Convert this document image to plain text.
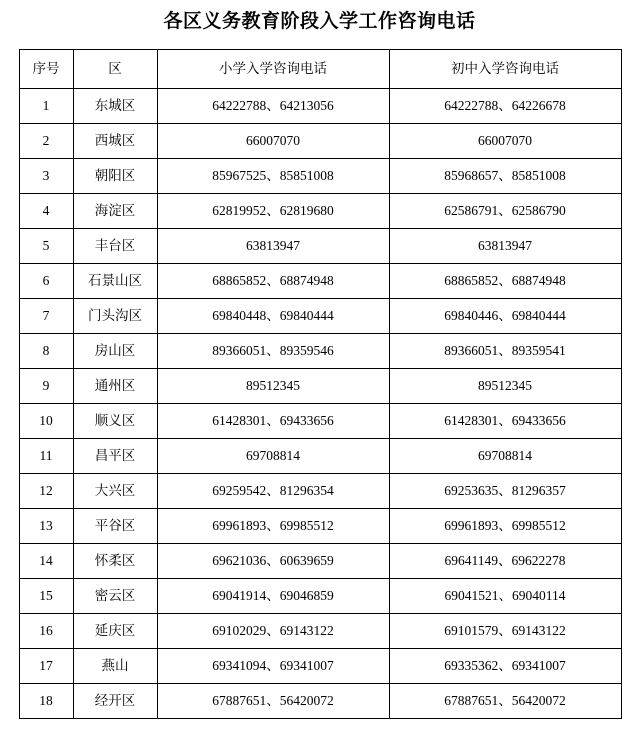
各区义务教育阶段入学工作咨询电话
序号	区	小学入学咨询电话	初中入学咨询电话
1	东城区	64222788、64213056	64222788、64226678
2	西城区	66007070	66007070
3	朝阳区	85967525、85851008	85968657、85851008
4	海淀区	62819952、62819680	62586791、62586790
5	丰台区	63813947	63813947
6	石景山区	68865852、68874948	68865852、68874948
7	门头沟区	69840448、69840444	69840446、69840444
8	房山区	89366051、89359546	89366051、89359541
9	通州区	89512345	89512345
10	顺义区	61428301、69433656	61428301、69433656
11	昌平区	69708814	69708814
12	大兴区	69259542、81296354	69253635、81296357
13	平谷区	69961893、69985512	69961893、69985512
14	怀柔区	69621036、60639659	69641149、69622278
15	密云区	69041914、69046859	69041521、69040114
16	延庆区	69102029、69143122	69101579、69143122
17	燕山	69341094、69341007	69335362、69341007
18	经开区	67887651、56420072	67887651、56420072
